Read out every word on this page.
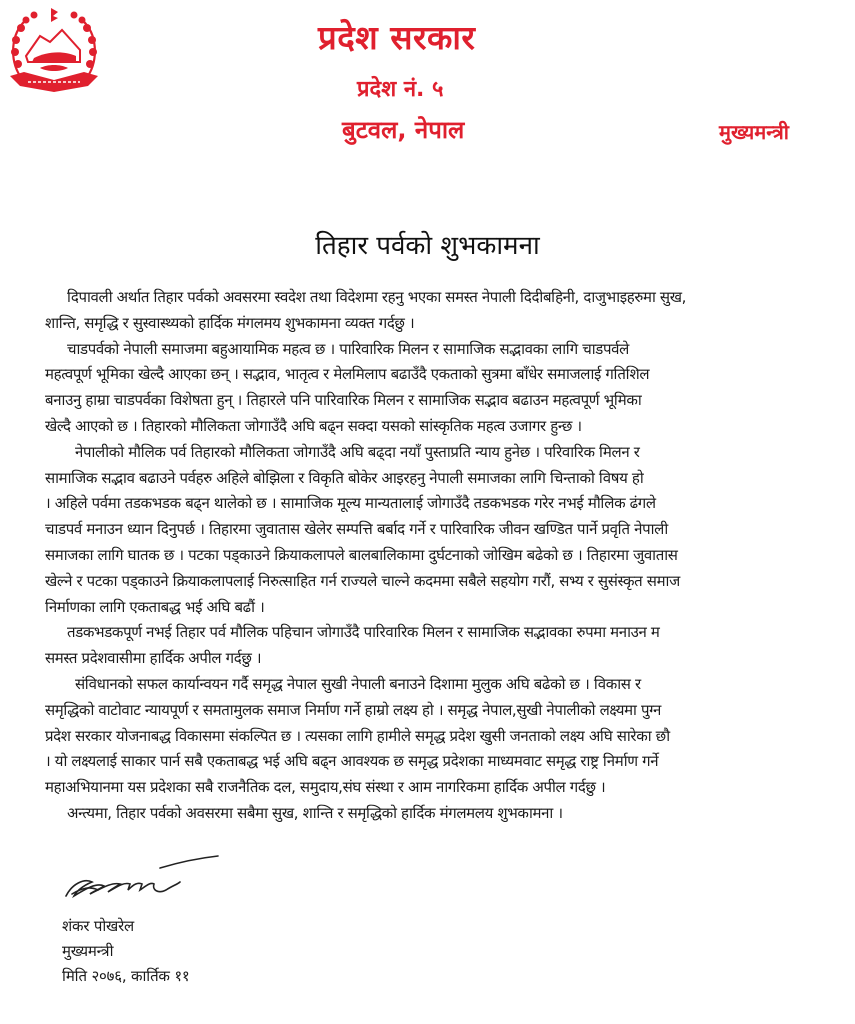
प्रदेश सरकार
प्रदेश नं. ५
बुटवल, नेपाल	मुख्यमन्त्री
तिहार पर्वको शुभकामना
दिपावली अर्थात तिहार पर्वको अवसरमा स्वदेश तथा विदेशमा रहनु भएका समस्त नेपाली दिदीबहिनी, दाजुभाइहरुमा सुख,
शान्ति, समृद्धि र सुस्वास्थ्यको हार्दिक मंगलमय शुभकामना व्यक्त गर्दछु ।
चाडपर्वको नेपाली समाजमा बहुआयामिक महत्व छ । पारिवारिक मिलन र सामाजिक सद्भावका लागि चाडपर्वले
महत्वपूर्ण भूमिका खेल्दै आएका छन् । सद्भाव, भातृत्व र मेलमिलाप बढाउँदै एकताको सुत्रमा बाँधेर समाजलाई गतिशिल
बनाउनु हाम्रा चाडपर्वका विशेषता हुन् । तिहारले पनि पारिवारिक मिलन र सामाजिक सद्भाव बढाउन महत्वपूर्ण भूमिका
खेल्दै आएको छ । तिहारको मौलिकता जोगाउँदै अघि बढ्न सक्दा यसको सांस्कृतिक महत्व उजागर हुन्छ ।
नेपालीको मौलिक पर्व तिहारको मौलिकता जोगाउँदै अघि बढ्दा नयाँ पुस्ताप्रति न्याय हुनेछ । परिवारिक मिलन र
सामाजिक सद्भाव बढाउने पर्वहरु अहिले बोझिला र विकृति बोकेर आइरहनु नेपाली समाजका लागि चिन्ताको विषय हो
। अहिले पर्वमा तडकभडक बढ्न थालेको छ । सामाजिक मूल्य मान्यतालाई जोगाउँदै तडकभडक गरेर नभई मौलिक ढंगले
चाडपर्व मनाउन ध्यान दिनुपर्छ । तिहारमा जुवातास खेलेर सम्पत्ति बर्बाद गर्ने र पारिवारिक जीवन खण्डित पार्ने प्रवृति नेपाली
समाजका लागि घातक छ । पटका पड्काउने क्रियाकलापले बालबालिकामा दुर्घटनाको जोखिम बढेको छ । तिहारमा जुवातास
खेल्ने र पटका पड्काउने क्रियाकलापलाई निरुत्साहित गर्न राज्यले चाल्ने कदममा सबैले सहयोग गरौं, सभ्य र सुसंस्कृत समाज
निर्माणका लागि एकताबद्ध भई अघि बढौं ।
तडकभडकपूर्ण नभई तिहार पर्व मौलिक पहिचान जोगाउँदै पारिवारिक मिलन र सामाजिक सद्भावका रुपमा मनाउन म
समस्त प्रदेशवासीमा हार्दिक अपील गर्दछु ।
संविधानको सफल कार्यान्वयन गर्दै समृद्ध नेपाल सुखी नेपाली बनाउने दिशामा मुलुक अघि बढेको छ । विकास र
समृद्धिको वाटोवाट न्यायपूर्ण र समतामुलक समाज निर्माण गर्ने हाम्रो लक्ष्य हो । समृद्ध नेपाल,सुखी नेपालीको लक्ष्यमा पुग्न
प्रदेश सरकार योजनाबद्ध विकासमा संकल्पित छ । त्यसका लागि हामीले समृद्ध प्रदेश खुसी जनताको लक्ष्य अघि सारेका छौ
। यो लक्ष्यलाई साकार पार्न सबै एकताबद्ध भई अघि बढ्न आवश्यक छ समृद्ध प्रदेशका माध्यमवाट समृद्ध राष्ट्र निर्माण गर्ने
महाअभियानमा यस प्रदेशका सबै राजनैतिक दल, समुदाय,संघ संस्था र आम नागरिकमा हार्दिक अपील गर्दछु ।
अन्त्यमा, तिहार पर्वको अवसरमा सबैमा सुख, शान्ति र समृद्धिको हार्दिक मंगलमलय शुभकामना ।
शंकर पोखरेल
मुख्यमन्त्री
मिति २०७६, कार्तिक ११
